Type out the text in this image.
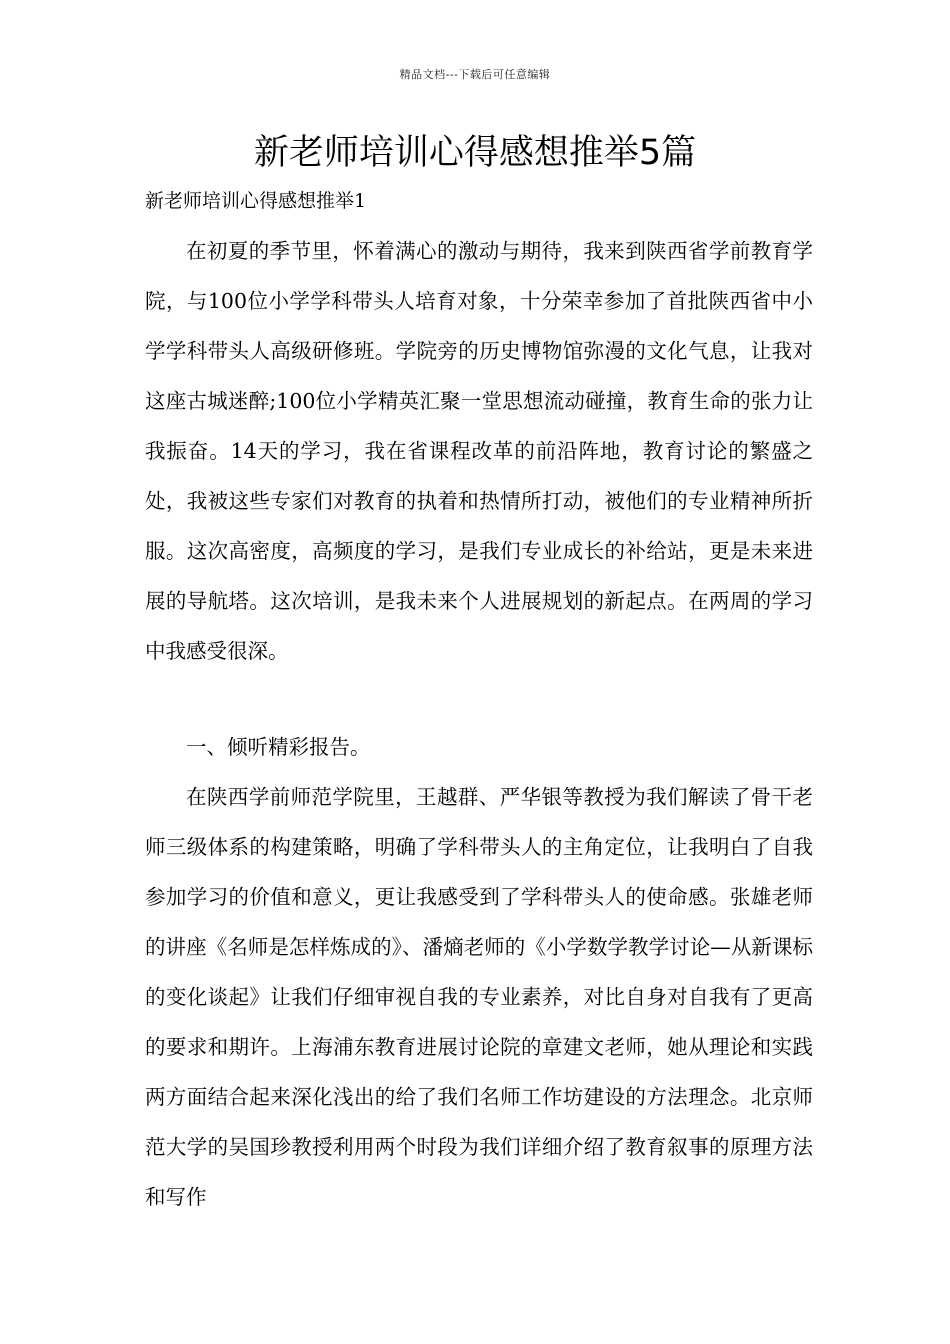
精品文档---下载后可任意编辑
新老师培训心得感想推举5篇

新老师培训心得感想推举1

在初夏的季节里，怀着满心的激动与期待，我来到陕西省学前教育学院，与100位小学学科带头人培育对象，十分荣幸参加了首批陕西省中小学学科带头人高级研修班。学院旁的历史博物馆弥漫的文化气息，让我对这座古城迷醉;100位小学精英汇聚一堂思想流动碰撞，教育生命的张力让我振奋。14天的学习，我在省课程改革的前沿阵地，教育讨论的繁盛之处，我被这些专家们对教育的执着和热情所打动，被他们的专业精神所折服。这次高密度，高频度的学习，是我们专业成长的补给站，更是未来进展的导航塔。这次培训，是我未来个人进展规划的新起点。在两周的学习中我感受很深。

一、倾听精彩报告。

在陕西学前师范学院里，王越群、严华银等教授为我们解读了骨干老师三级体系的构建策略，明确了学科带头人的主角定位，让我明白了自我参加学习的价值和意义，更让我感受到了学科带头人的使命感。张雄老师的讲座《名师是怎样炼成的》、潘熵老师的《小学数学教学讨论—从新课标的变化谈起》让我们仔细审视自我的专业素养，对比自身对自我有了更高的要求和期许。上海浦东教育进展讨论院的章建文老师，她从理论和实践两方面结合起来深化浅出的给了我们名师工作坊建设的方法理念。北京师范大学的吴国珍教授利用两个时段为我们详细介绍了教育叙事的原理方法和写作
